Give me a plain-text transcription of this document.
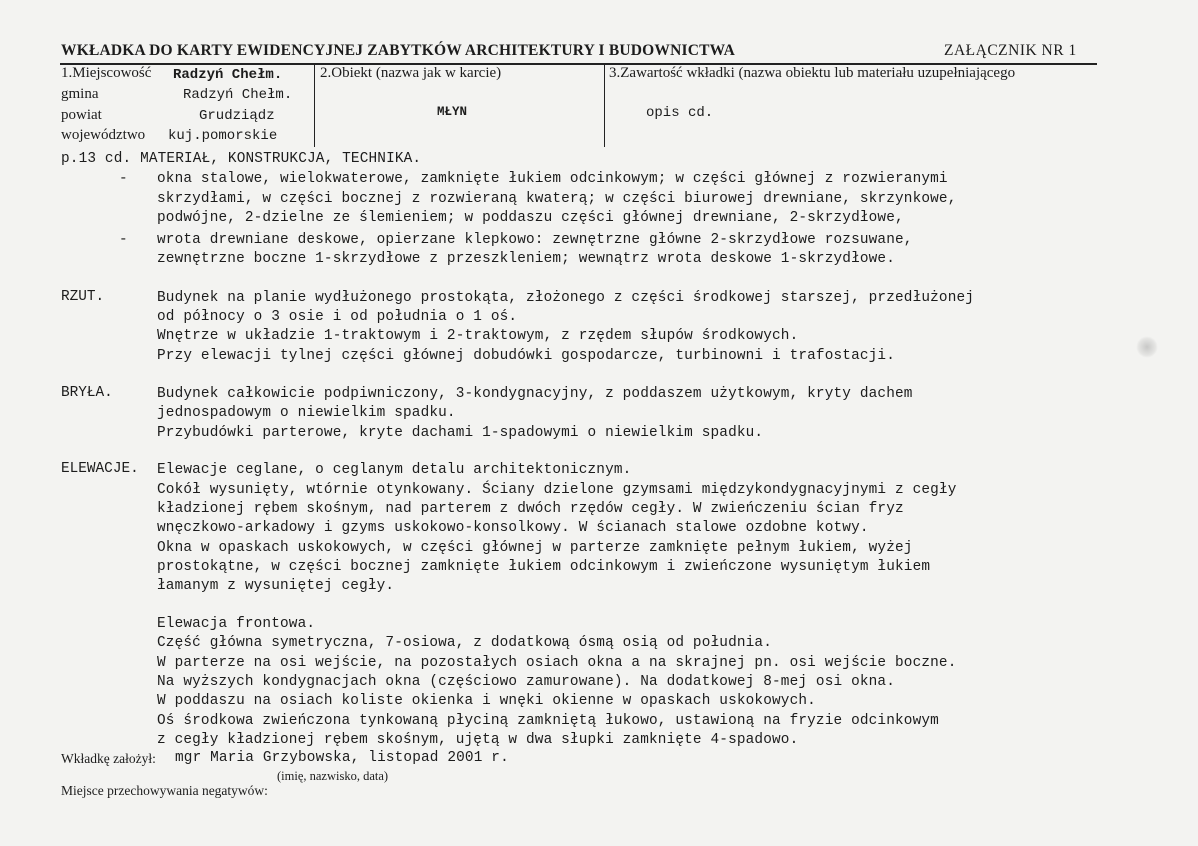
WKŁADKA DO KARTY EWIDENCYJNEJ ZABYTKÓW ARCHITEKTURY I BUDOWNICTWA	ZAŁĄCZNIK NR 1
1.Miejscowość Radzyń Chełm.
gmina	Radzyń Chełm.
powiat	Grudziądz
województwo kuj.pomorskie
2.Obiekt (nazwa jak w karcie)
MŁYN
3.Zawartość wkładki (nazwa obiektu lub materiału uzupełniającego
opis cd.
p.13 cd. MATERIAŁ, KONSTRUKCJA, TECHNIKA.
- okna stalowe, wielokwaterowe, zamknięte łukiem odcinkowym; w części głównej z rozwieranymi
skrzydłami, w części bocznej z rozwieraną kwaterą; w części biurowej drewniane, skrzynkowe,
podwójne, 2-dzielne ze ślemieniem; w poddaszu części głównej drewniane, 2-skrzydłowe,
- wrota drewniane deskowe, opierzane klepkowo: zewnętrzne główne 2-skrzydłowe rozsuwane,
zewnętrzne boczne 1-skrzydłowe z przeszkleniem; wewnątrz wrota deskowe 1-skrzydłowe.
RZUT.	Budynek na planie wydłużonego prostokąta, złożonego z części środkowej starszej, przedłużonej
od północy o 3 osie i od południa o 1 oś.
Wnętrze w układzie 1-traktowym i 2-traktowym, z rzędem słupów środkowych.
Przy elewacji tylnej części głównej dobudówki gospodarcze, turbinowni i trafostacji.
BRYŁA.	Budynek całkowicie podpiwniczony, 3-kondygnacyjny, z poddaszem użytkowym, kryty dachem
jednospadowym o niewielkim spadku.
Przybudówki parterowe, kryte dachami 1-spadowymi o niewielkim spadku.
ELEWACJE. Elewacje ceglane, o ceglanym detalu architektonicznym.
Cokół wysunięty, wtórnie otynkowany. Ściany dzielone gzymsami międzykondygnacyjnymi z cegły
kładzionej rębem skośnym, nad parterem z dwóch rzędów cegły. W zwieńczeniu ścian fryz
wnęczkowo-arkadowy i gzyms uskokowo-konsolkowy. W ścianach stalowe ozdobne kotwy.
Okna w opaskach uskokowych, w części głównej w parterze zamknięte pełnym łukiem, wyżej
prostokątne, w części bocznej zamknięte łukiem odcinkowym i zwieńczone wysuniętym łukiem
łamanym z wysuniętej cegły.
Elewacja frontowa.
Część główna symetryczna, 7-osiowa, z dodatkową ósmą osią od południa.
W parterze na osi wejście, na pozostałych osiach okna a na skrajnej pn. osi wejście boczne.
Na wyższych kondygnacjach okna (częściowo zamurowane). Na dodatkowej 8-mej osi okna.
W poddaszu na osiach koliste okienka i wnęki okienne w opaskach uskokowych.
Oś środkowa zwieńczona tynkowaną płyciną zamkniętą łukowo, ustawioną na fryzie odcinkowym
z cegły kładzionej rębem skośnym, ujętą w dwa słupki zamknięte 4-spadowo.
Wkładkę założył: mgr Maria Grzybowska, listopad 2001 r.
(imię, nazwisko, data)
Miejsce przechowywania negatywów:
